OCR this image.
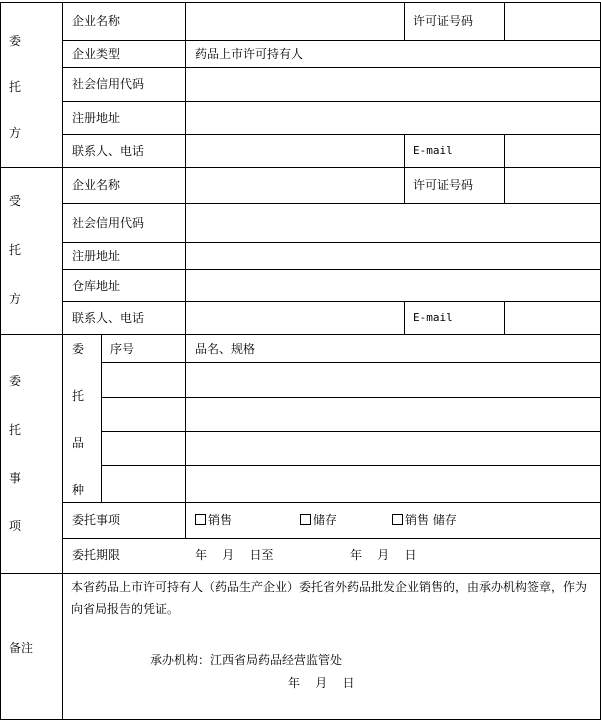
委
托
方
企业名称	许可证号码
企业类型	药品上市许可持有人
社会信用代码
注册地址
联系人、电话	E-mail
受
托
方
企业名称	许可证号码
社会信用代码
注册地址
仓库地址
联系人、电话	E-mail
委
托
事
项
委
托
品
种
序号	品名、规格
委托事项	销售	储存	销售 储存
委托期限	年    月    日至	年    月    日
备注
本省药品上市许可持有人（药品生产企业）委托省外药品批发企业销售的，由承办机构签章，作为向省局报告的凭证。
承办机构：江西省局药品经营监管处
年    月    日
